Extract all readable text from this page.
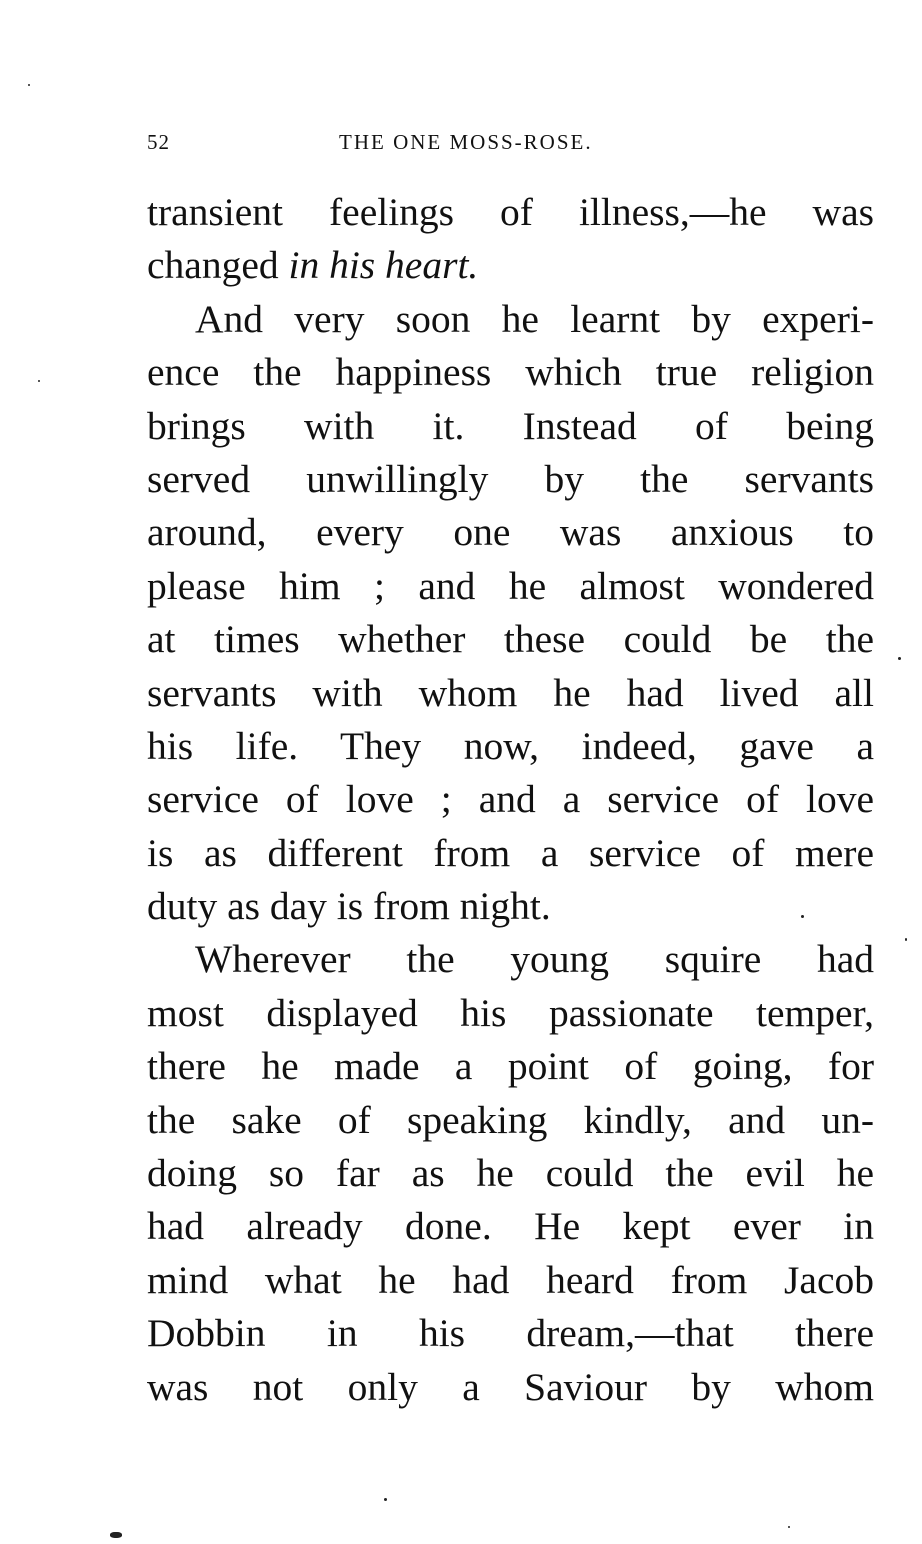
52	THE ONE MOSS-ROSE.
transient feelings of illness,—he was
changed in his heart.
And very soon he learnt by experi-
ence the happiness which true religion
brings with it. Instead of being
served unwillingly by the servants
around, every one was anxious to
please him ; and he almost wondered
at times whether these could be the
servants with whom he had lived all
his life. They now, indeed, gave a
service of love ; and a service of love
is as different from a service of mere
duty as day is from night.
Wherever the young squire had
most displayed his passionate temper,
there he made a point of going, for
the sake of speaking kindly, and un-
doing so far as he could the evil he
had already done. He kept ever in
mind what he had heard from Jacob
Dobbin in his dream,—that there
was not only a Saviour by whom
